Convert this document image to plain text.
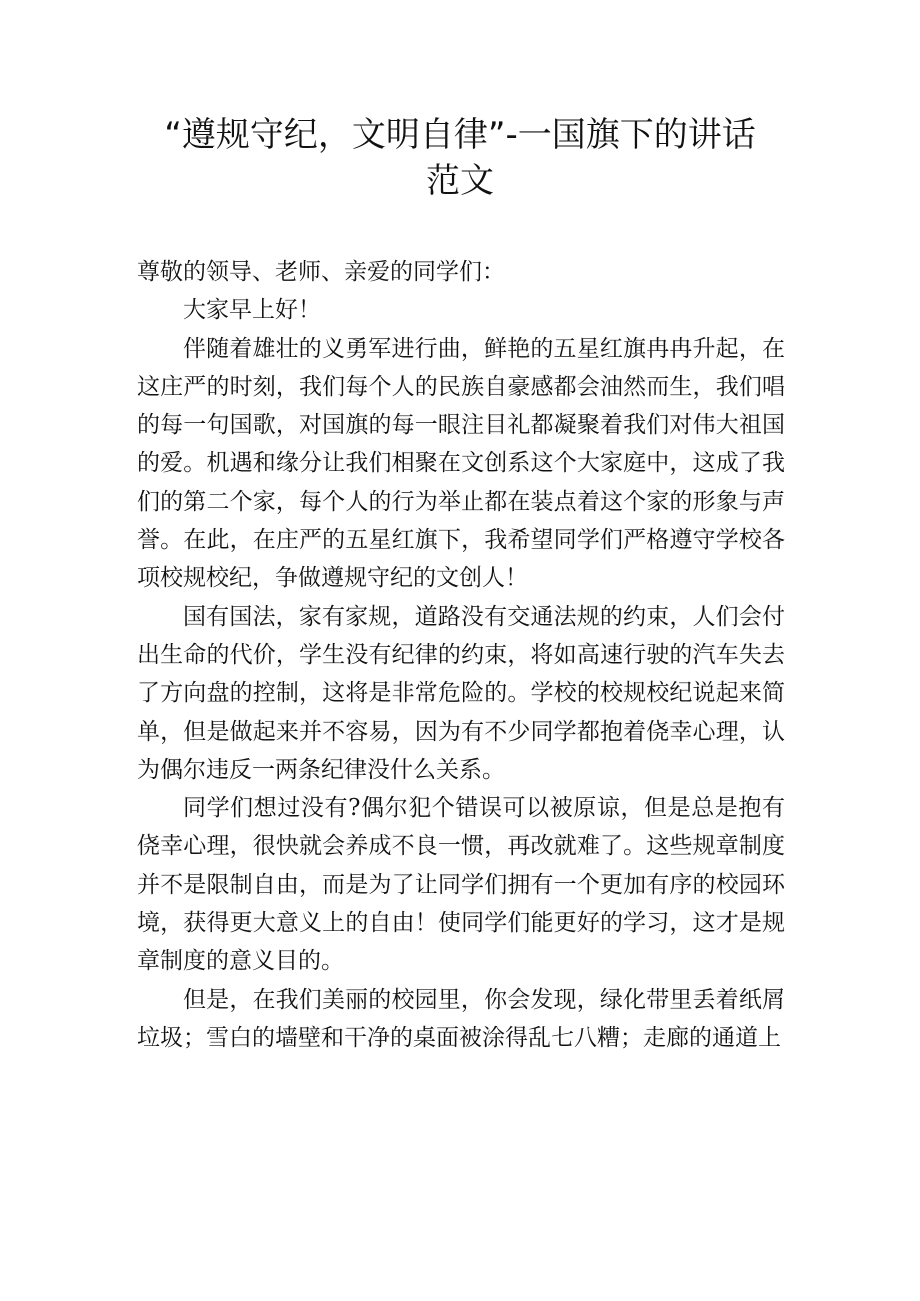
“遵规守纪，文明自律”-一国旗下的讲话
范文

尊敬的领导、老师、亲爱的同学们：

大家早上好！

伴随着雄壮的义勇军进行曲，鲜艳的五星红旗冉冉升起，在这庄严的时刻，我们每个人的民族自豪感都会油然而生，我们唱的每一句国歌，对国旗的每一眼注目礼都凝聚着我们对伟大祖国的爱。机遇和缘分让我们相聚在文创系这个大家庭中，这成了我们的第二个家，每个人的行为举止都在装点着这个家的形象与声誉。在此，在庄严的五星红旗下，我希望同学们严格遵守学校各项校规校纪，争做遵规守纪的文创人！

国有国法，家有家规，道路没有交通法规的约束，人们会付出生命的代价，学生没有纪律的约束，将如高速行驶的汽车失去了方向盘的控制，这将是非常危险的。学校的校规校纪说起来简单，但是做起来并不容易，因为有不少同学都抱着侥幸心理，认为偶尔违反一两条纪律没什么关系。

同学们想过没有?偶尔犯个错误可以被原谅，但是总是抱有侥幸心理，很快就会养成不良一惯，再改就难了。这些规章制度并不是限制自由，而是为了让同学们拥有一个更加有序的校园环境，获得更大意义上的自由！使同学们能更好的学习，这才是规章制度的意义目的。

但是，在我们美丽的校园里，你会发现，绿化带里丢着纸屑垃圾；雪白的墙壁和干净的桌面被涂得乱七八糟；走廊的通道上
